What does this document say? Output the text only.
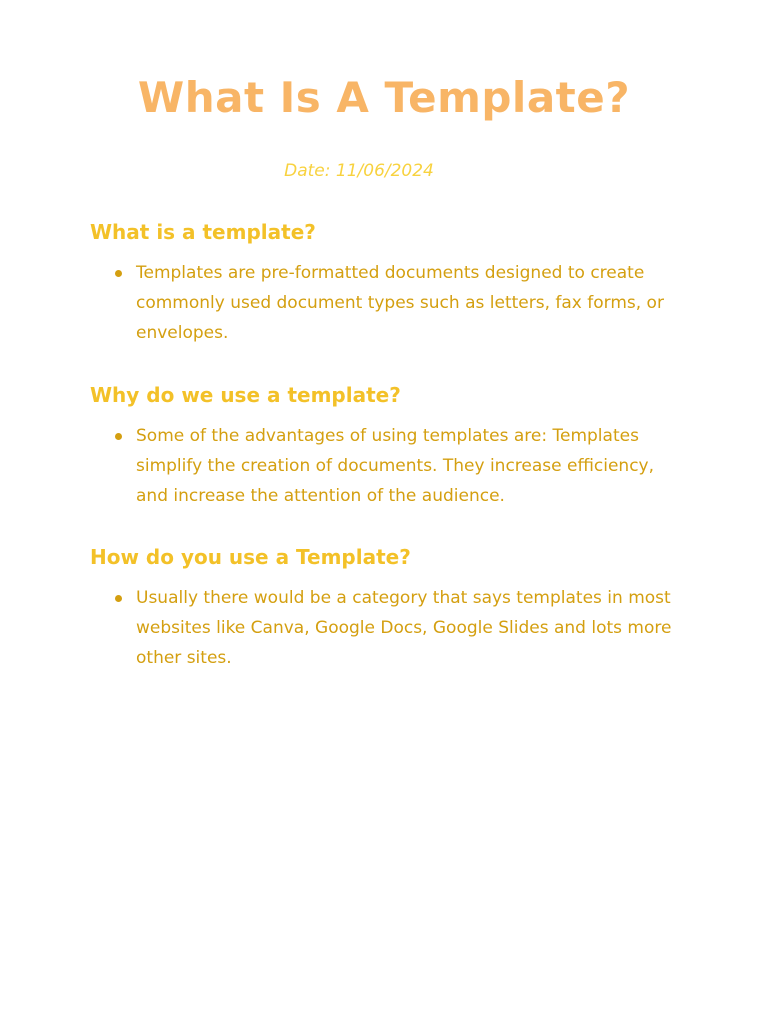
What Is A Template?
Date: 11/06/2024
What is a template?
Templates are pre-formatted documents designed to create commonly used document types such as letters, fax forms, or envelopes.
Why do we use a template?
Some of the advantages of using templates are: Templates simplify the creation of documents. They increase efficiency, and increase the attention of the audience.
How do you use a Template?
Usually there would be a category that says templates in most websites like Canva, Google Docs, Google Slides and lots more other sites.
